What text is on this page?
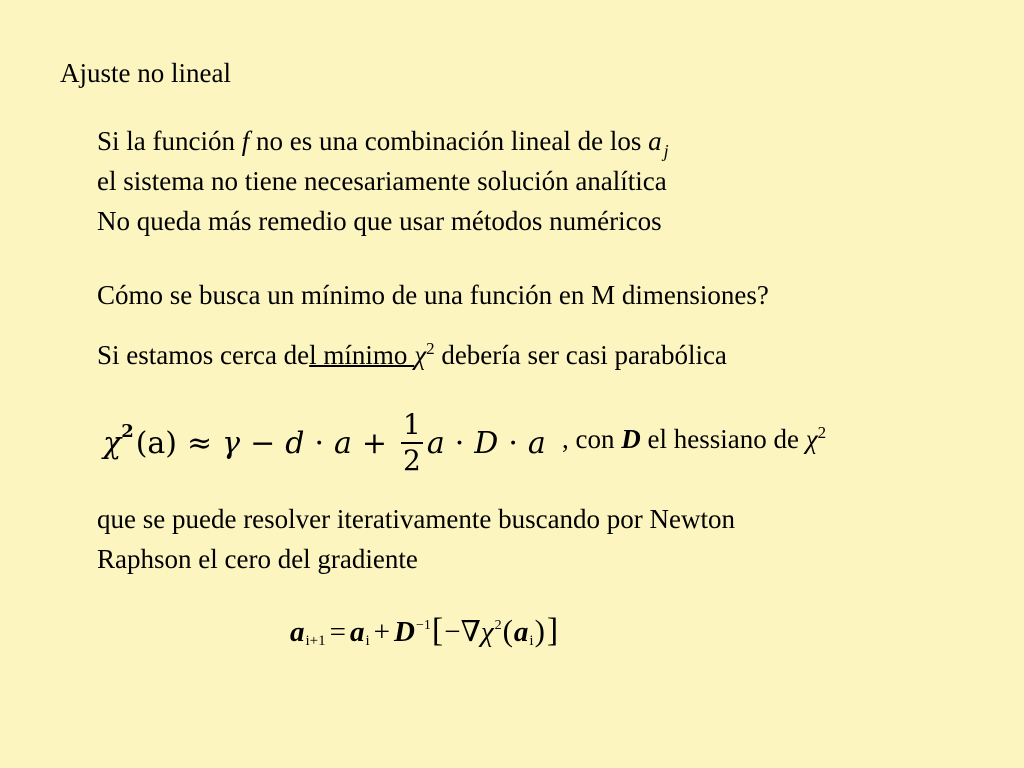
Ajuste no lineal
Si la función f no es una combinación lineal de los a $_j$
el sistema no tiene necesariamente solución analítica
No queda más remedio que usar métodos numéricos
Cómo se busca un mínimo de una función en M dimensiones?
Si estamos cerca del mínimo $\chi^2$ debería ser casi parabólica
χ 2 $(a) \approx \gamma - d \cdot a + \frac{1}{2}$ a · D · a , con D el hessiano de $\chi^2$
que se puede resolver iterativamente buscando por Newton
Raphson el cero del gradiente
a i+1 = a i + D −1 [ − ∇ χ 2 ( a i ) ]
